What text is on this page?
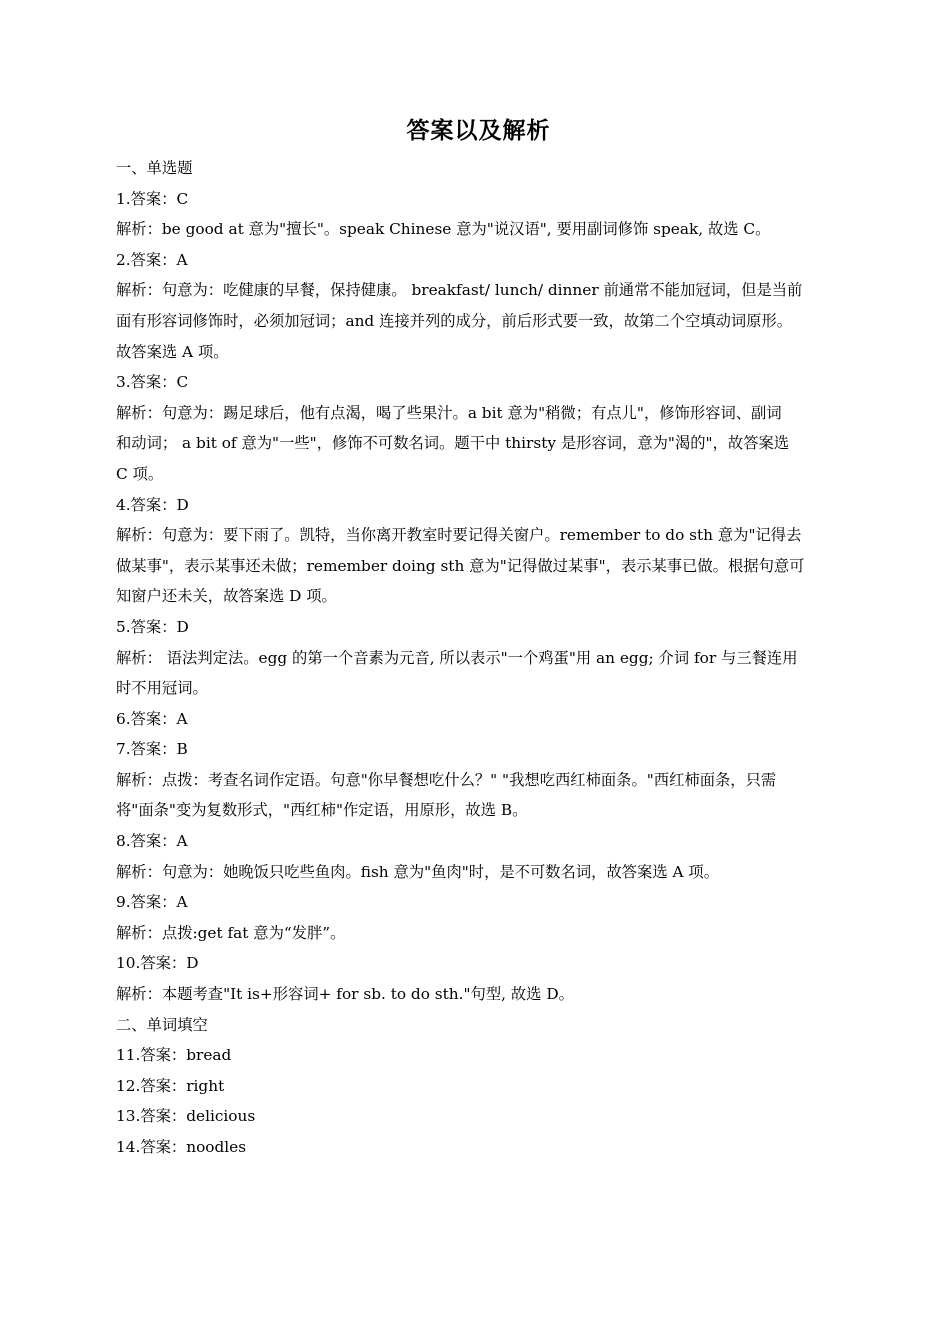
答案以及解析

一、单选题

1.答案：C

解析：be good at 意为"擅长"。speak Chinese 意为"说汉语", 要用副词修饰 speak, 故选 C。

2.答案：A

解析：句意为：吃健康的早餐，保持健康。 breakfast/ lunch/ dinner 前通常不能加冠词，但是当前

面有形容词修饰时，必须加冠词；and 连接并列的成分，前后形式要一致，故第二个空填动词原形。

故答案选 A 项。

3.答案：C

解析：句意为：踢足球后，他有点渴，喝了些果汁。a bit 意为"稍微；有点儿"，修饰形容词、副词

和动词； a bit of 意为"一些"，修饰不可数名词。题干中 thirsty 是形容词，意为"渴的"，故答案选

C 项。

4.答案：D

解析：句意为：要下雨了。凯特，当你离开教室时要记得关窗户。remember to do sth 意为"记得去

做某事"，表示某事还未做；remember doing sth 意为"记得做过某事"，表示某事已做。根据句意可

知窗户还未关，故答案选 D 项。

5.答案：D

解析： 语法判定法。egg 的第一个音素为元音, 所以表示"一个鸡蛋"用 an egg; 介词 for 与三餐连用

时不用冠词。

6.答案：A

7.答案：B

解析：点拨：考查名词作定语。句意"你早餐想吃什么？" "我想吃西红柿面条。"西红柿面条，只需

将"面条"变为复数形式，"西红柿"作定语，用原形，故选 B。

8.答案：A

解析：句意为：她晚饭只吃些鱼肉。fish 意为"鱼肉"时，是不可数名词，故答案选 A 项。

9.答案：A

解析：点拨:get fat 意为“发胖”。

10.答案：D

解析：本题考查"It is+形容词+ for sb. to do sth."句型, 故选 D。

二、单词填空

11.答案：bread

12.答案：right

13.答案：delicious

14.答案：noodles
